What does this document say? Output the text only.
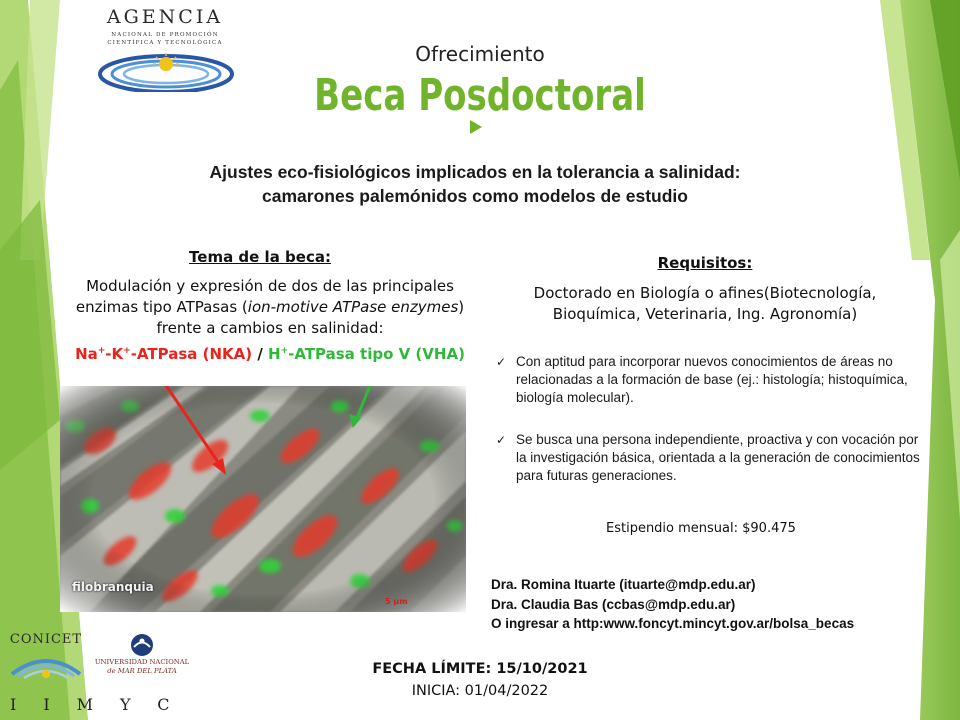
AGENCIA
NACIONAL DE PROMOCIÓN
CIENTÍFICA Y TECNOLÓGICA	Ofrecimiento
Beca Posdoctoral
Ajustes eco-fisiológicos implicados en la tolerancia a salinidad:
camarones palemónidos como modelos de estudio
Tema de la beca:
Modulación y expresión de dos de las principales
enzimas tipo ATPasas (ion-motive ATPase enzymes)
frente a cambios en salinidad:
Na+-K+-ATPasa (NKA) / H+-ATPasa tipo V (VHA)
filobranquia
5 µm
Requisitos:
Doctorado en Biología o afines(Biotecnología,
Bioquímica, Veterinaria, Ing. Agronomía)
✓ Con aptitud para incorporar nuevos conocimientos de áreas no relacionadas a la formación de base (ej.: histología; histoquímica, biología molecular).
✓ Se busca una persona independiente, proactiva y con vocación por la investigación básica, orientada a la generación de conocimientos para futuras generaciones.
Estipendio mensual: $90.475
Dra. Romina Ituarte (ituarte@mdp.edu.ar)
Dra. Claudia Bas (ccbas@mdp.edu.ar)
O ingresar a http:www.foncyt.mincyt.gov.ar/bolsa_becas
FECHA LÍMITE: 15/10/2021
INICIA: 01/04/2022
CONICET
UNIVERSIDAD NACIONAL
de MAR DEL PLATA
IIMYC
